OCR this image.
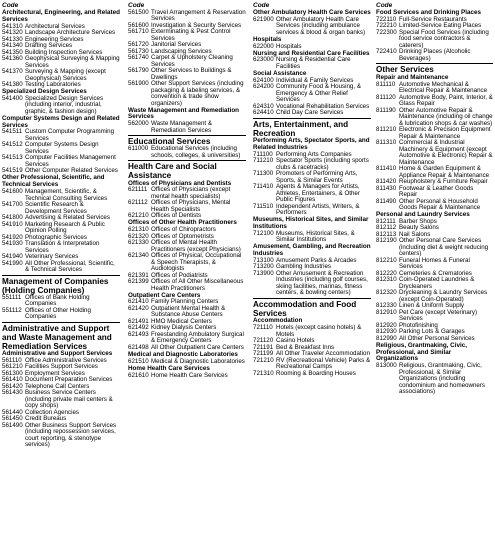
Code
Architectural, Engineering, and Related Services
541310 Architectural Services
541320 Landscape Architecture Services
541330 Engineering Services
541340 Drafting Services
541350 Building Inspection Services
541360 Geophysical Surveying & Mapping Services
541370 Surveying & Mapping (except Geophysical) Services
541380 Testing Laboratories
Specialized Design Services
541400 Specialized Design Services (including interior, industrial, graphic, & fashion design)
Computer Systems Design and Related Services
541511 Custom Computer Programming Services
541512 Computer Systems Design Services
541513 Computer Facilities Management Services
541519 Other Computer Related Services
Other Professional, Scientific, and Technical Services
541600 Management, Scientific, & Technical Consulting Services
541700 Scientific Research & Development Services
541800 Advertising & Related Services
541910 Marketing Research & Public Opinion Polling
541920 Photographic Services
541930 Translation & Interpretation Services
541940 Veterinary Services
541990 All Other Professional, Scientific, & Technical Services
Management of Companies (Holding Companies)
551111 Offices of Bank Holding Companies
551112 Offices of Other Holding Companies
Administrative and Support and Waste Management and Remediation Services
Administrative and Support Services
561110 Office Administrative Services
561210 Facilities Support Services
561300 Employment Services
561410 Document Preparation Services
561420 Telephone Call Centers
561430 Business Service Centers (including private mail centers & copy shops)
561440 Collection Agencies
561450 Credit Bureaus
561490 Other Business Support Services (including repossession services, court reporting, & stenotype services)
Code
561500 Travel Arrangement & Reservation Services
561600 Investigation & Security Services
561710 Exterminating & Pest Control Services
561720 Janitorial Services
561730 Landscaping Services
561740 Carpet & Upholstery Cleaning Services
561790 Other Services to Buildings & Dwellings
561900 Other Support Services (including packaging & labeling services, & convention & trade show organizers)
Waste Management and Remediation Services
562000 Waste Management & Remediation Services
Educational Services
611000 Educational Services (including schools, colleges, & universities)
Health Care and Social Assistance
Offices of Physicians and Dentists
621111 Offices of Physicians (except mental health specialists)
621112 Offices of Physicians, Mental Health Specialists
621210 Offices of Dentists
Offices of Other Health Practitioners
621310 Offices of Chiropractors
621320 Offices of Optometrists
621330 Offices of Mental Health Practitioners (except Physicians)
621340 Offices of Physical, Occupational & Speech Therapists, & Audiologists
621391 Offices of Podiatrists
621399 Offices of All Other Miscellaneous Health Practitioners
Outpatient Care Centers
621410 Family Planning Centers
621420 Outpatient Mental Health & Substance Abuse Centers
621491 HMO Medical Centers
621492 Kidney Dialysis Centers
621493 Freestanding Ambulatory Surgical & Emergency Centers
621498 All Other Outpatient Care Centers
Medical and Diagnostic Laboratories
621510 Medical & Diagnostic Laboratories
Home Health Care Services
621610 Home Health Care Services
Code
Other Ambulatory Health Care Services
621900 Other Ambulatory Health Care Services (including ambulance services & blood & organ banks)
Hospitals
622000 Hospitals
Nursing and Residential Care Facilities
623000 Nursing & Residential Care Facilities
Social Assistance
624100 Individual & Family Services
624200 Community Food & Housing, & Emergency & Other Relief Services
624310 Vocational Rehabilitation Services
624410 Child Day Care Services
Arts, Entertainment, and Recreation
Performing Arts, Spectator Sports, and Related Industries
711100 Performing Arts Companies
711210 Spectator Sports (including sports clubs & racetracks)
711300 Promoters of Performing Arts, Sports, & Similar Events
711410 Agents & Managers for Artists, Athletes, Entertainers, & Other Public Figures
711510 Independent Artists, Writers, & Performers
Museums, Historical Sites, and Similar Institutions
712100 Museums, Historical Sites, & Similar Institutions
Amusement, Gambling, and Recreation Industries
713100 Amusement Parks & Arcades
713200 Gambling Industries
713900 Other Amusement & Recreation Industries (including golf courses, skiing facilities, marinas, fitness centers, & bowling centers)
Accommodation and Food Services
Accommodation
721110 Hotels (except casino hotels) & Motels
721120 Casino Hotels
721191 Bed & Breakfast Inns
721199 All Other Traveler Accommodation
721210 RV (Recreational Vehicle) Parks & Recreational Camps
721310 Rooming & Boarding Houses
Code
Food Services and Drinking Places
722110 Full-Service Restaurants
722210 Limited-Service Eating Places
722300 Special Food Services (including food service contractors & caterers)
722410 Drinking Places (Alcoholic Beverages)
Other Services
Repair and Maintenance
811110 Automotive Mechanical & Electrical Repair & Maintenance
811120 Automotive Body, Paint, Interior, & Glass Repair
811190 Other Automotive Repair & Maintenance (including oil change & lubrication shops & car washes)
811210 Electronic & Precision Equipment Repair & Maintenance
811310 Commercial & Industrial Machinery & Equipment (except Automotive & Electronic) Repair & Maintenance
811410 Home & Garden Equipment & Appliance Repair & Maintenance
811420 Reupholstery & Furniture Repair
811430 Footwear & Leather Goods Repair
811490 Other Personal & Household Goods Repair & Maintenance
Personal and Laundry Services
812111 Barber Shops
812112 Beauty Salons
812113 Nail Salons
812190 Other Personal Care Services (including diet & weight reducing centers)
812210 Funeral Homes & Funeral Services
812220 Cemeteries & Crematories
812310 Coin-Operated Laundries & Drycleaners
812320 Drycleaning & Laundry Services (except Coin-Operated)
812330 Linen & Uniform Supply
812910 Pet Care (except Veterinary) Services
812920 Photofinishing
812930 Parking Lots & Garages
812990 All Other Personal Services
Religious, Grantmaking, Civic, Professional, and Similar Organizations
813000 Religious, Grantmaking, Civic, Professional, & Similar Organizations (including condominium and homeowners associations)
